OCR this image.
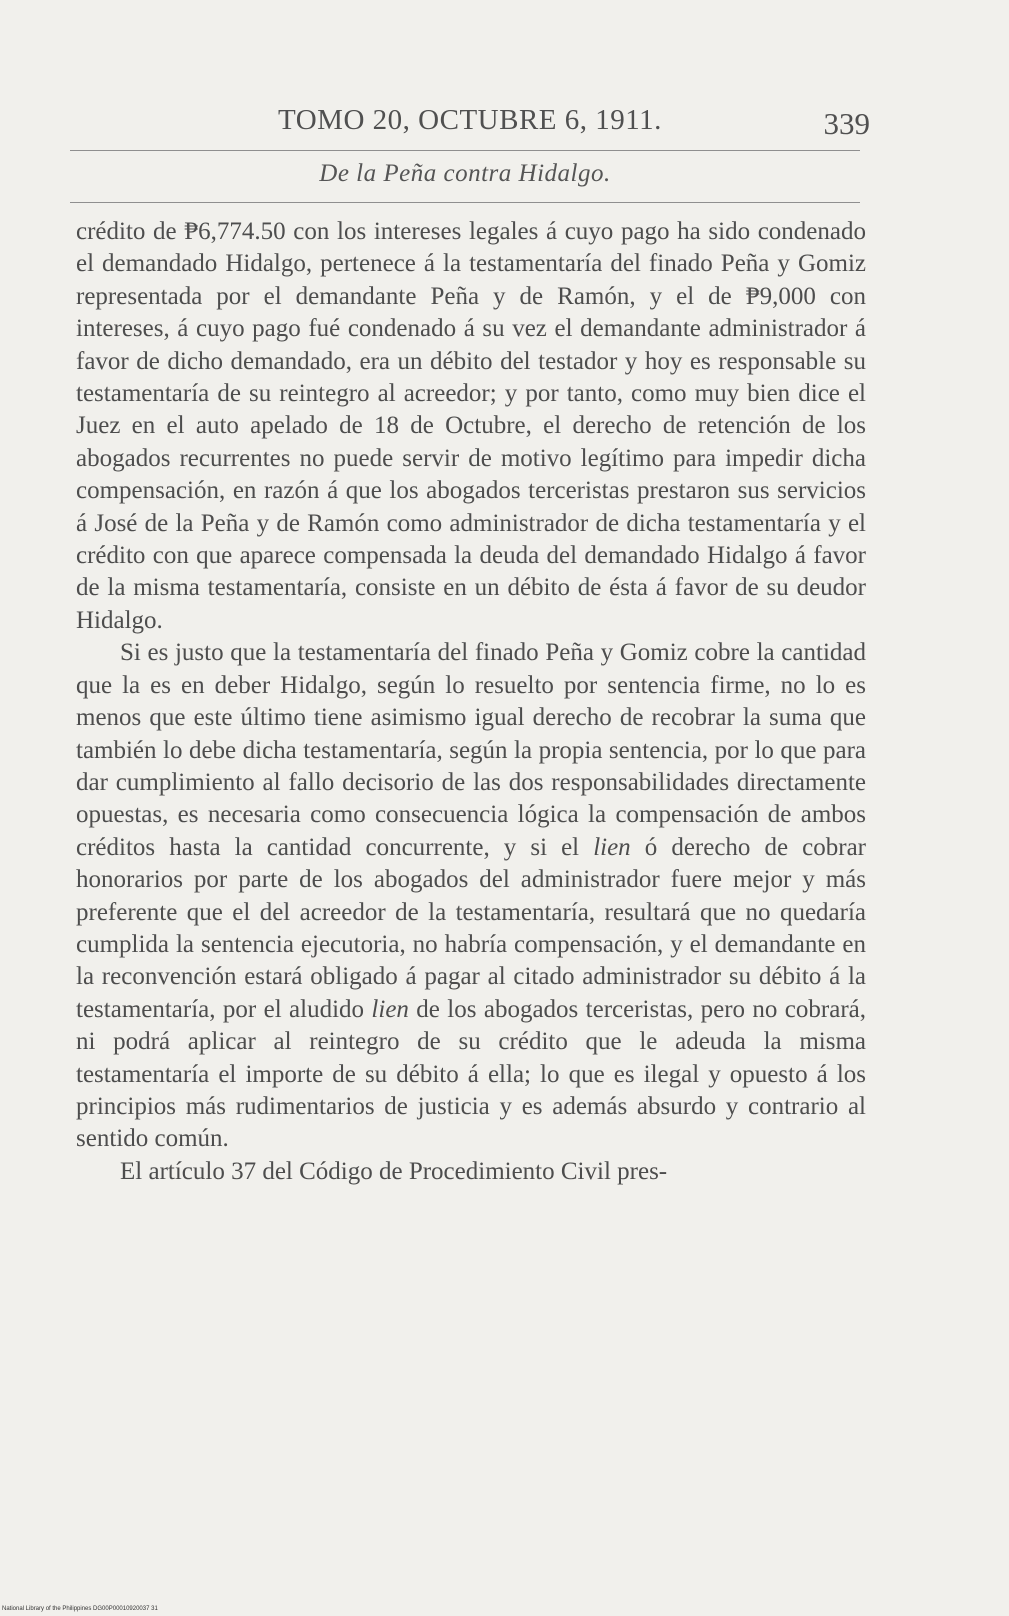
TOMO 20, OCTUBRE 6, 1911.	339
De la Peña contra Hidalgo.

crédito de ₱6,774.50 con los intereses legales á cuyo pago ha sido condenado el demandado Hidalgo, pertenece á la testamentaría del finado Peña y Gomiz representada por el demandante Peña y de Ramón, y el de ₱9,000 con intereses, á cuyo pago fué condenado á su vez el demandante administrador á favor de dicho demandado, era un débito del testador y hoy es responsable su testamentaría de su reintegro al acreedor; y por tanto, como muy bien dice el Juez en el auto apelado de 18 de Octubre, el derecho de retención de los abogados recurrentes no puede servir de motivo legítimo para impedir dicha compensación, en razón á que los abogados terceristas prestaron sus servicios á José de la Peña y de Ramón como administrador de dicha testamentaría y el crédito con que aparece compensada la deuda del demandado Hidalgo á favor de la misma testamentaría, consiste en un débito de ésta á favor de su deudor Hidalgo.

Si es justo que la testamentaría del finado Peña y Gomiz cobre la cantidad que la es en deber Hidalgo, según lo resuelto por sentencia firme, no lo es menos que este último tiene asimismo igual derecho de recobrar la suma que también lo debe dicha testamentaría, según la propia sentencia, por lo que para dar cumplimiento al fallo decisorio de las dos responsabilidades directamente opuestas, es necesaria como consecuencia lógica la compensación de ambos créditos hasta la cantidad concurrente, y si el lien ó derecho de cobrar honorarios por parte de los abogados del administrador fuere mejor y más preferente que el del acreedor de la testamentaría, resultará que no quedaría cumplida la sentencia ejecutoria, no habría compensación, y el demandante en la reconvención estará obligado á pagar al citado administrador su débito á la testamentaría, por el aludido lien de los abogados terceristas, pero no cobrará, ni podrá aplicar al reintegro de su crédito que le adeuda la misma testamentaría el importe de su débito á ella; lo que es ilegal y opuesto á los principios más rudimentarios de justicia y es además absurdo y contrario al sentido común.

El artículo 37 del Código de Procedimiento Civil pres-

National Library of the Philippines DG00P00010920037 31
